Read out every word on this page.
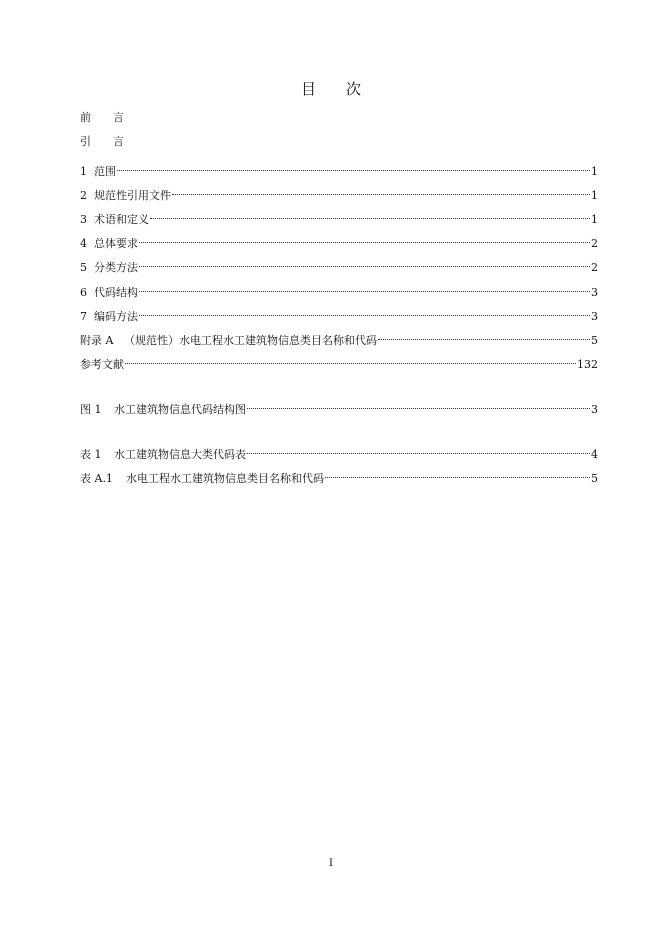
目 次
前 言
引 言
1 范围	1
2 规范性引用文件	1
3 术语和定义	1
4 总体要求	2
5 分类方法	2
6 代码结构	3
7 编码方法	3
附录 A （规范性）水电工程水工建筑物信息类目名称和代码	5
参考文献	132
图 1 水工建筑物信息代码结构图	3
表 1 水工建筑物信息大类代码表	4
表 A.1 水电工程水工建筑物信息类目名称和代码	5
I
